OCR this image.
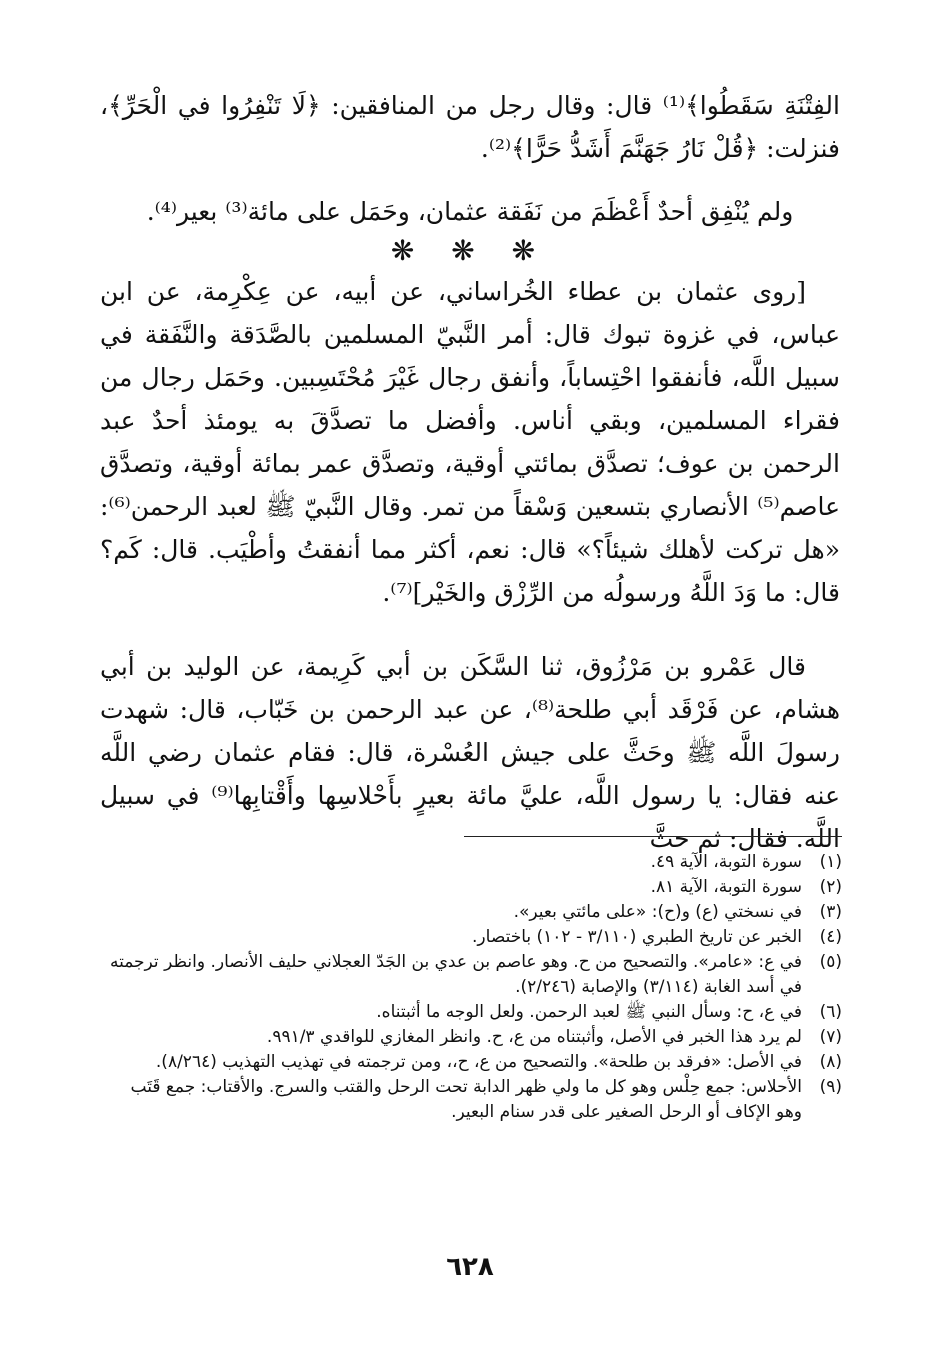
الفِتْنَةِ سَقَطُوا﴾⁽¹⁾ قال: وقال رجل من المنافقين: ﴿لَا تَنْفِرُوا في الْحَرِّ﴾، فنزلت: ﴿قُلْ نَارُ جَهَنَّمَ أَشَدُّ حَرًّا﴾⁽²⁾.

ولم يُنْفِق أحدٌ أَعْظَمَ من نَفَقة عثمان، وحَمَل على مائة⁽³⁾ بعير⁽⁴⁾.

[روى عثمان بن عطاء الخُراساني، عن أبيه، عن عِكْرِمة، عن ابن عباس، في غزوة تبوك قال: أمر النَّبيّ المسلمين بالصَّدَقة والنَّفَقة في سبيل اللَّه، فأنفقوا احْتِساباً، وأنفق رجال غَيْرَ مُحْتَسِبين. وحَمَل رجال من فقراء المسلمين، وبقي أناس. وأفضل ما تصدَّقَ به يومئذ أحدٌ عبد الرحمن بن عوف؛ تصدَّق بمائتي أوقية، وتصدَّق عمر بمائة أوقية، وتصدَّق عاصم⁽⁵⁾ الأنصاري بتسعين وَسْقاً من تمر. وقال النَّبيّ ﷺ لعبد الرحمن⁽⁶⁾: «هل تركت لأهلك شيئاً؟» قال: نعم، أكثر مما أنفقتُ وأطْيَب. قال: كَم؟ قال: ما وَدَ اللَّهُ ورسولُه من الرِّزْق والخَيْر]⁽⁷⁾.

قال عَمْرو بن مَرْزُوق، ثنا السَّكَن بن أبي كَرِيمة، عن الوليد بن أبي هشام، عن فَرْقَد أبي طلحة⁽⁸⁾، عن عبد الرحمن بن خَبّاب، قال: شهدت رسولَ اللَّه ﷺ وحَثَّ على جيش العُسْرة، قال: فقام عثمان رضي اللَّه عنه فقال: يا رسول اللَّه، عليَّ مائة بعيرٍ بأَحْلاسِها وأَقْتابِها⁽⁹⁾ في سبيل اللَّه. فقال: ثم حثَّ

❋ ❋ ❋
(١)
سورة التوبة، الآية ٤٩.
(٢)
سورة التوبة، الآية ٨١.
(٣)
في نسختي (ع) و(ح): «على مائتي بعير».
(٤)
الخبر عن تاريخ الطبري (٣/١١٠ - ١٠٢) باختصار.
(٥)
في ع: «عامر». والتصحيح من ح. وهو عاصم بن عدي بن الجَدّ العجلاني حليف الأنصار. وانظر ترجمته في أسد الغابة (٣/١١٤) والإصابة (٢/٢٤٦).
(٦)
في ع، ح: وسأل النبي ﷺ لعبد الرحمن. ولعل الوجه ما أثبتناه.
(٧)
لم يرد هذا الخبر في الأصل، وأثبتناه من ع، ح. وانظر المغازي للواقدي ٩٩١/٣.
(٨)
في الأصل: «فرقد بن طلحة». والتصحيح من ع، ح،، ومن ترجمته في تهذيب التهذيب (٨/٢٦٤).
(٩)
الأحلاس: جمع حِلْس وهو كل ما ولي ظهر الدابة تحت الرحل والقتب والسرج. والأقتاب: جمع قَتَب وهو الإكاف أو الرحل الصغير على قدر سنام البعير.
٦٢٨
